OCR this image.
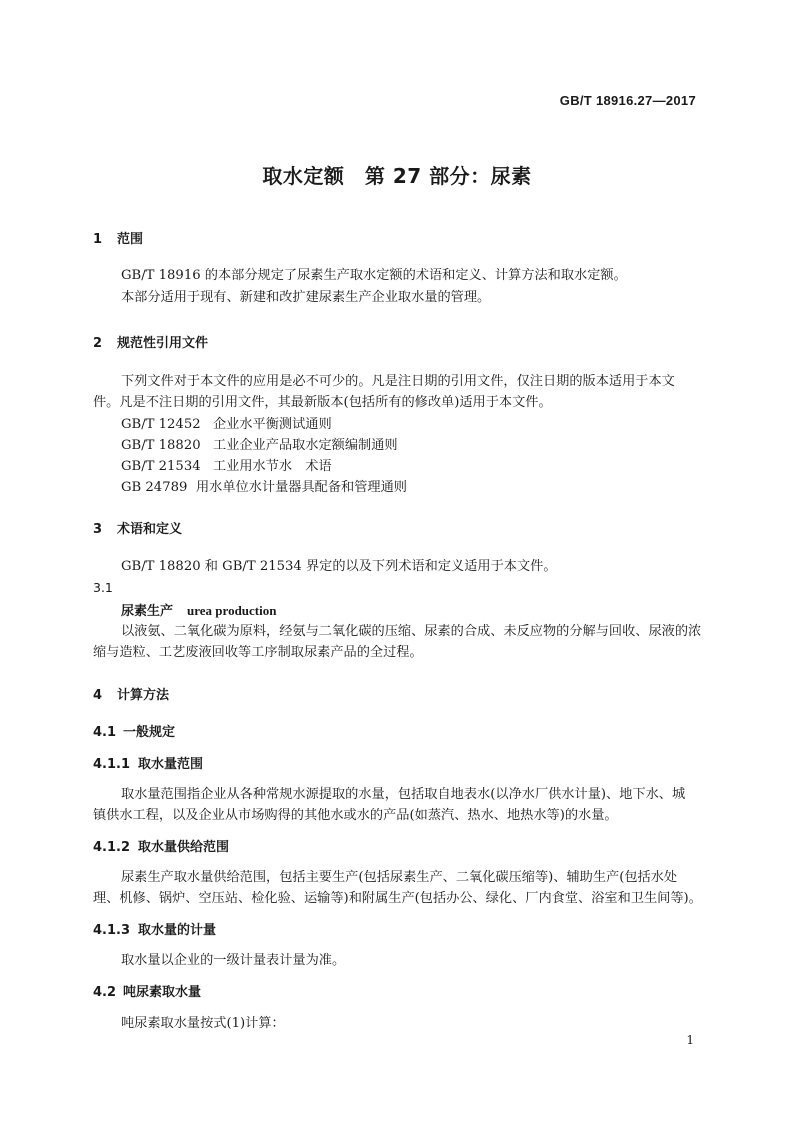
GB/T 18916.27—2017
取水定额　第 27 部分：尿素
1 范围
GB/T 18916 的本部分规定了尿素生产取水定额的术语和定义、计算方法和取水定额。
本部分适用于现有、新建和改扩建尿素生产企业取水量的管理。
2 规范性引用文件
下列文件对于本文件的应用是必不可少的。凡是注日期的引用文件，仅注日期的版本适用于本文
件。凡是不注日期的引用文件，其最新版本(包括所有的修改单)适用于本文件。
GB/T 12452 企业水平衡测试通则
GB/T 18820 工业企业产品取水定额编制通则
GB/T 21534 工业用水节水　术语
GB 24789 用水单位水计量器具配备和管理通则
3 术语和定义
GB/T 18820 和 GB/T 21534 界定的以及下列术语和定义适用于本文件。
3.1
尿素生产 urea production
以液氨、二氧化碳为原料，经氨与二氧化碳的压缩、尿素的合成、未反应物的分解与回收、尿液的浓
缩与造粒、工艺废液回收等工序制取尿素产品的全过程。
4 计算方法
4.1 一般规定
4.1.1 取水量范围
取水量范围指企业从各种常规水源提取的水量，包括取自地表水(以净水厂供水计量)、地下水、城
镇供水工程，以及企业从市场购得的其他水或水的产品(如蒸汽、热水、地热水等)的水量。
4.1.2 取水量供给范围
尿素生产取水量供给范围，包括主要生产(包括尿素生产、二氧化碳压缩等)、辅助生产(包括水处
理、机修、锅炉、空压站、检化验、运输等)和附属生产(包括办公、绿化、厂内食堂、浴室和卫生间等)。
4.1.3 取水量的计量
取水量以企业的一级计量表计量为准。
4.2 吨尿素取水量
吨尿素取水量按式(1)计算：
1
